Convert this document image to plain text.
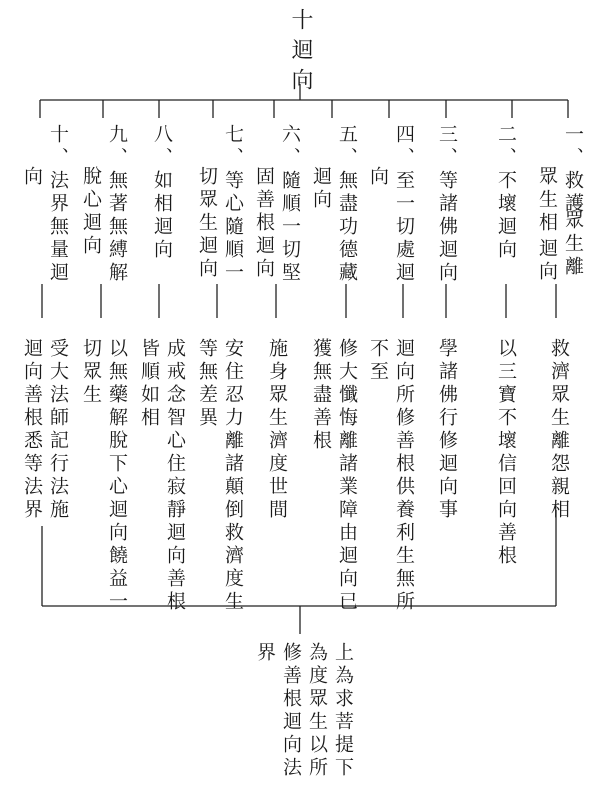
十迴向
一、救護
眾生相
迴向 眾生離
救濟眾生離怨親相
二、不壞迴向
以三寶不壞信回向善根
三、等諸佛迴向
學諸佛行修迴向事
四、至一切處迴
向
迴向所修善根供養利生無所
不至
五、無盡功德藏
迴向
修大懺悔離諸業障由迴向已
獲無盡善根
六、隨順一切堅
固善根迴向
施身眾生濟度世間
七、等心隨順一
切眾生迴向
安住忍力離諸顛倒救濟度生
等無差異
八、如相迴向
成戒念智心住寂靜迴向善根
皆順如相
九、無著無縛解
脫心迴向
以無藥解脫下心迴向饒益一
切眾生
十、法界無量迴
向
受大法師記行法施
迴向善根悉等法界
上為求菩提下
為度眾生以所
修善根迴向法
界
